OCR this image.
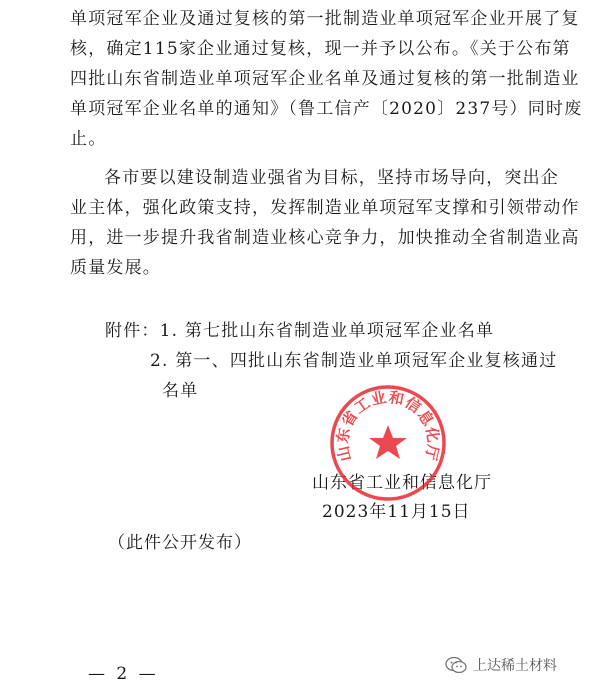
单项冠军企业及通过复核的第一批制造业单项冠军企业开展了复
核，确定115家企业通过复核，现一并予以公布。《关于公布第
四批山东省制造业单项冠军企业名单及通过复核的第一批制造业
单项冠军企业名单的通知》（鲁工信产〔2020〕237号）同时废
止。
各市要以建设制造业强省为目标，坚持市场导向，突出企
业主体，强化政策支持，发挥制造业单项冠军支撑和引领带动作
用，进一步提升我省制造业核心竞争力，加快推动全省制造业高
质量发展。
附件：1. 第七批山东省制造业单项冠军企业名单
2. 第一、四批山东省制造业单项冠军企业复核通过
名单
山东省工业和信息化厅
山东省工业和信息化厅
2023年11月15日
（此件公开发布）
— 2 —	上达稀土材料
